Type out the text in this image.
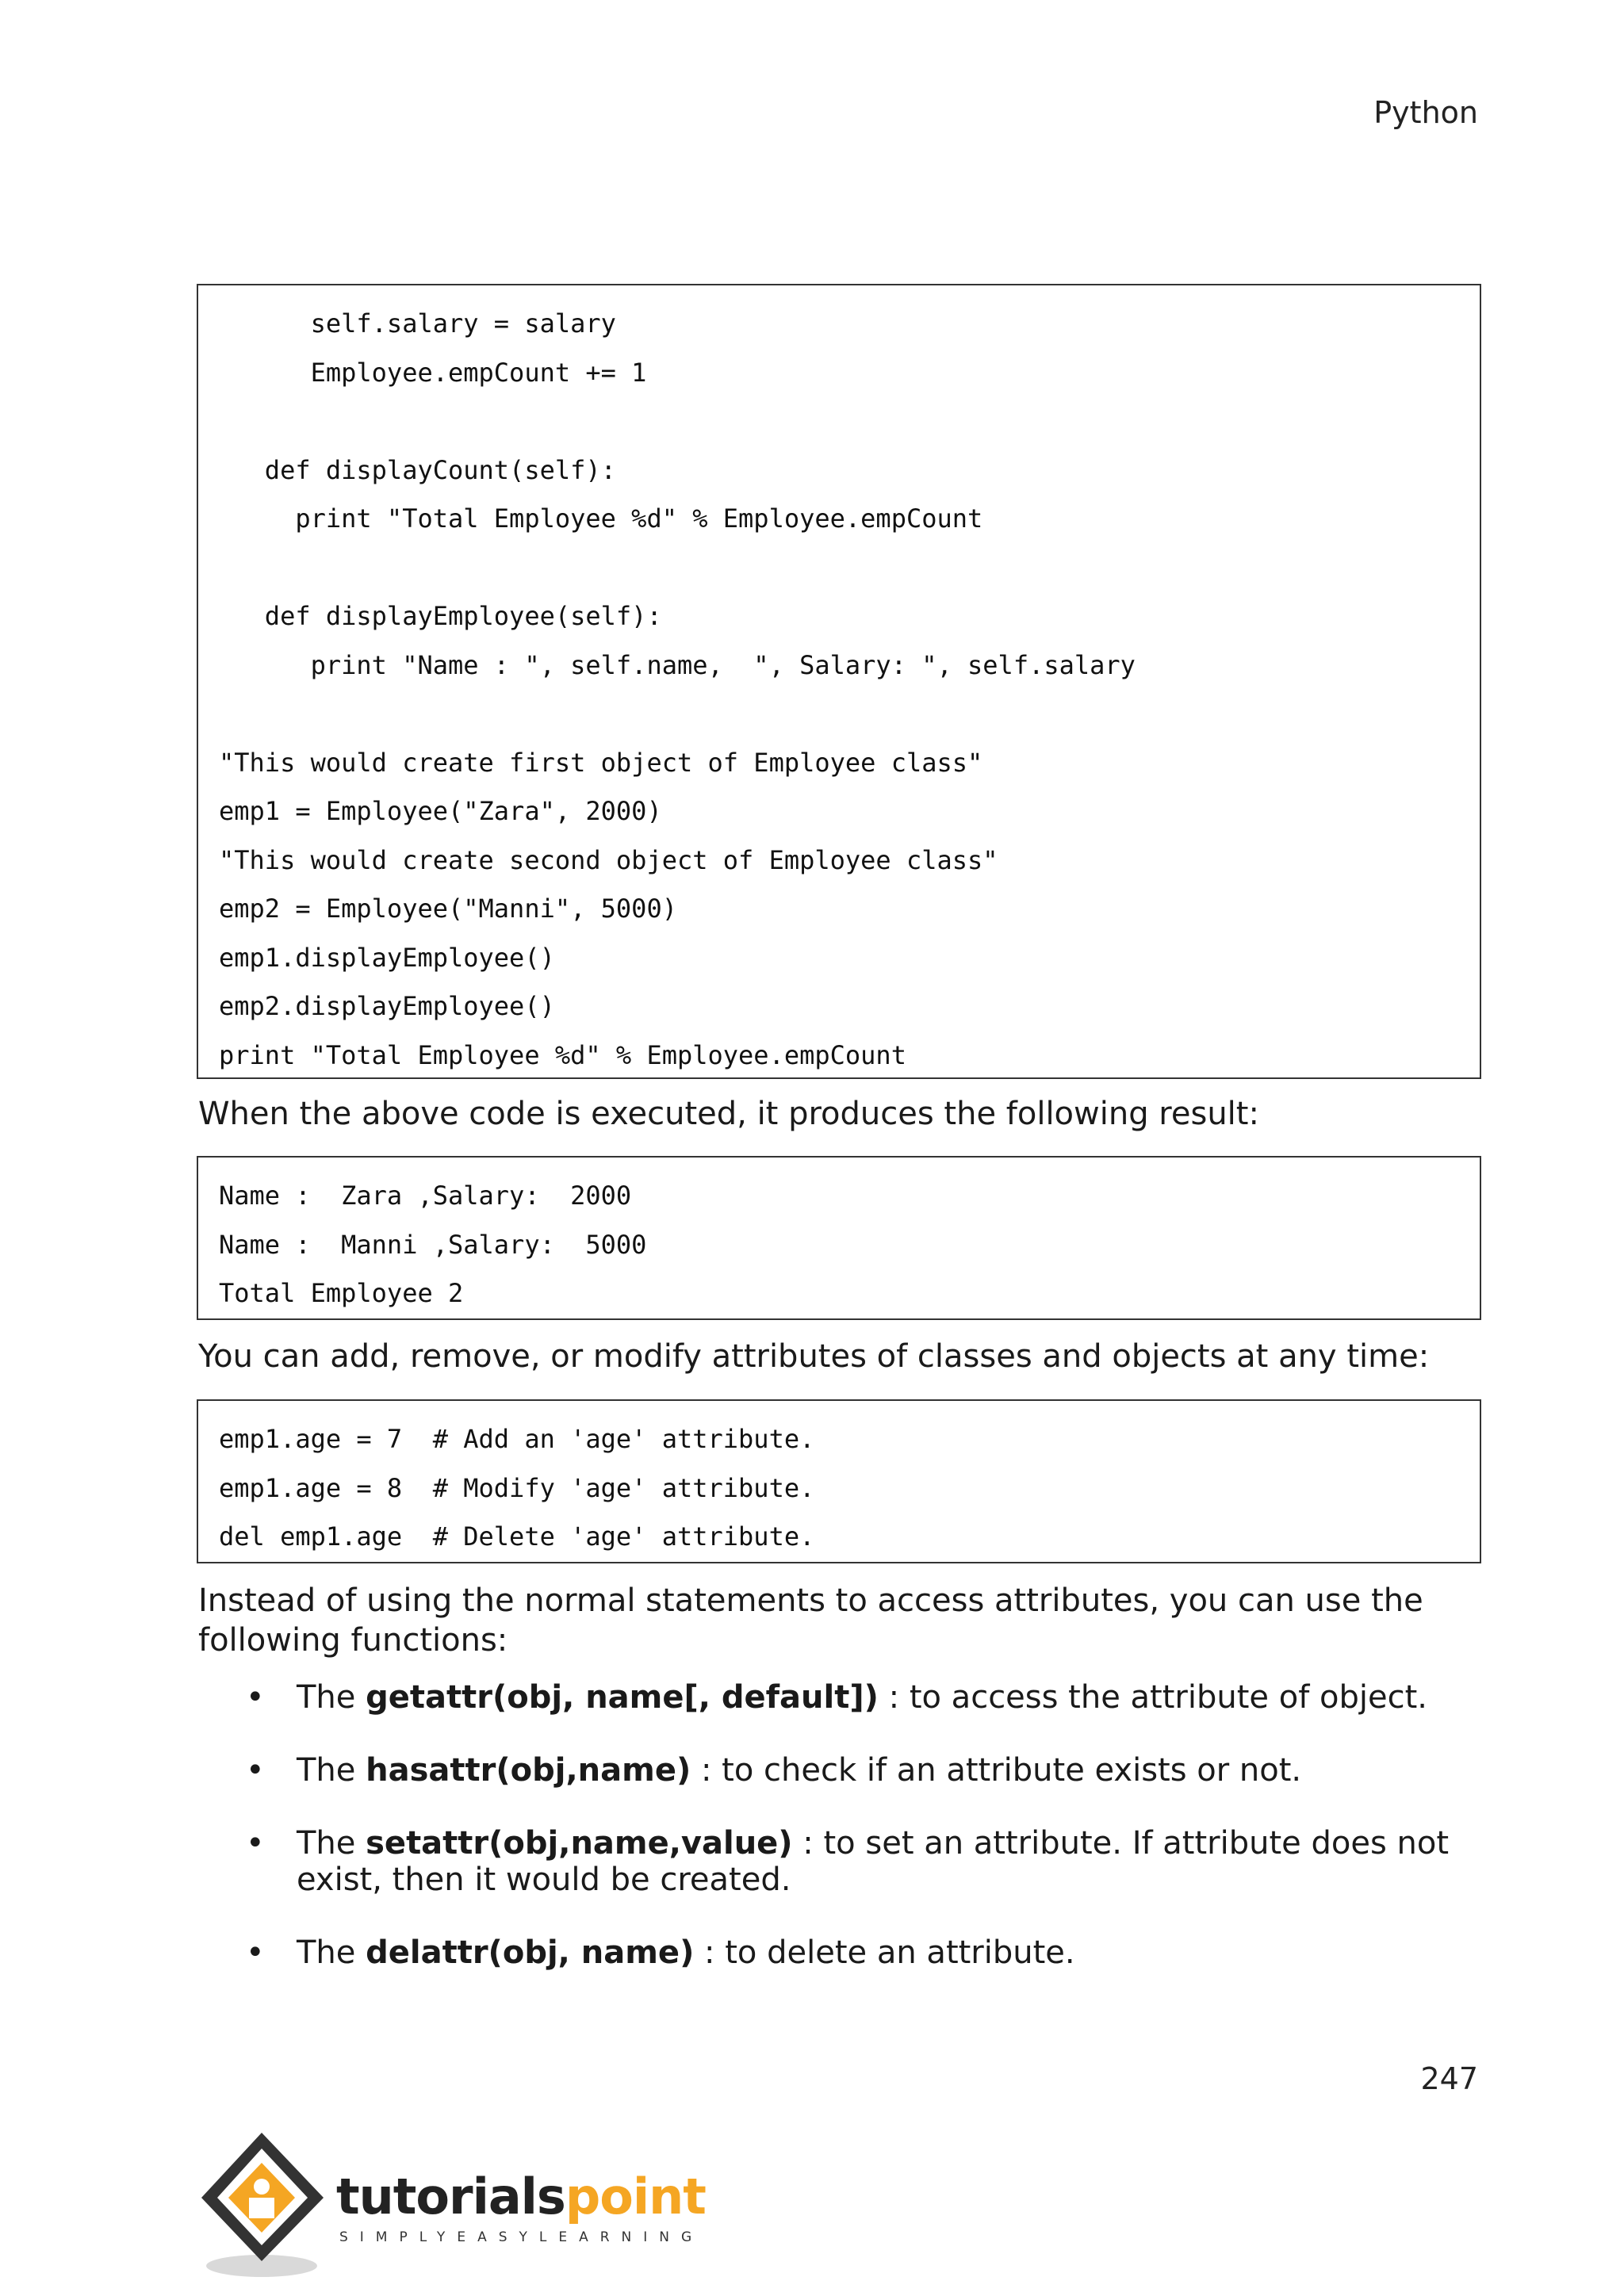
Python
self.salary = salary
Employee.empCount += 1
def displayCount(self):
print "Total Employee %d" % Employee.empCount
def displayEmployee(self):
print "Name : ", self.name,  ", Salary: ", self.salary
"This would create first object of Employee class"
emp1 = Employee("Zara", 2000)
"This would create second object of Employee class"
emp2 = Employee("Manni", 5000)
emp1.displayEmployee()
emp2.displayEmployee()
print "Total Employee %d" % Employee.empCount
When the above code is executed, it produces the following result:
Name :  Zara ,Salary:  2000
Name :  Manni ,Salary:  5000
Total Employee 2
You can add, remove, or modify attributes of classes and objects at any time:
emp1.age = 7  # Add an 'age' attribute.
emp1.age = 8  # Modify 'age' attribute.
del emp1.age  # Delete 'age' attribute.
Instead of using the normal statements to access attributes, you can use the following functions:
• The getattr(obj, name[, default]) : to access the attribute of object.
• The hasattr(obj,name) : to check if an attribute exists or not.
• The setattr(obj,name,value) : to set an attribute. If attribute does not exist, then it would be created.
• The delattr(obj, name) : to delete an attribute.
247
tutorialspoint
SIMPLYEASYLEARNING
